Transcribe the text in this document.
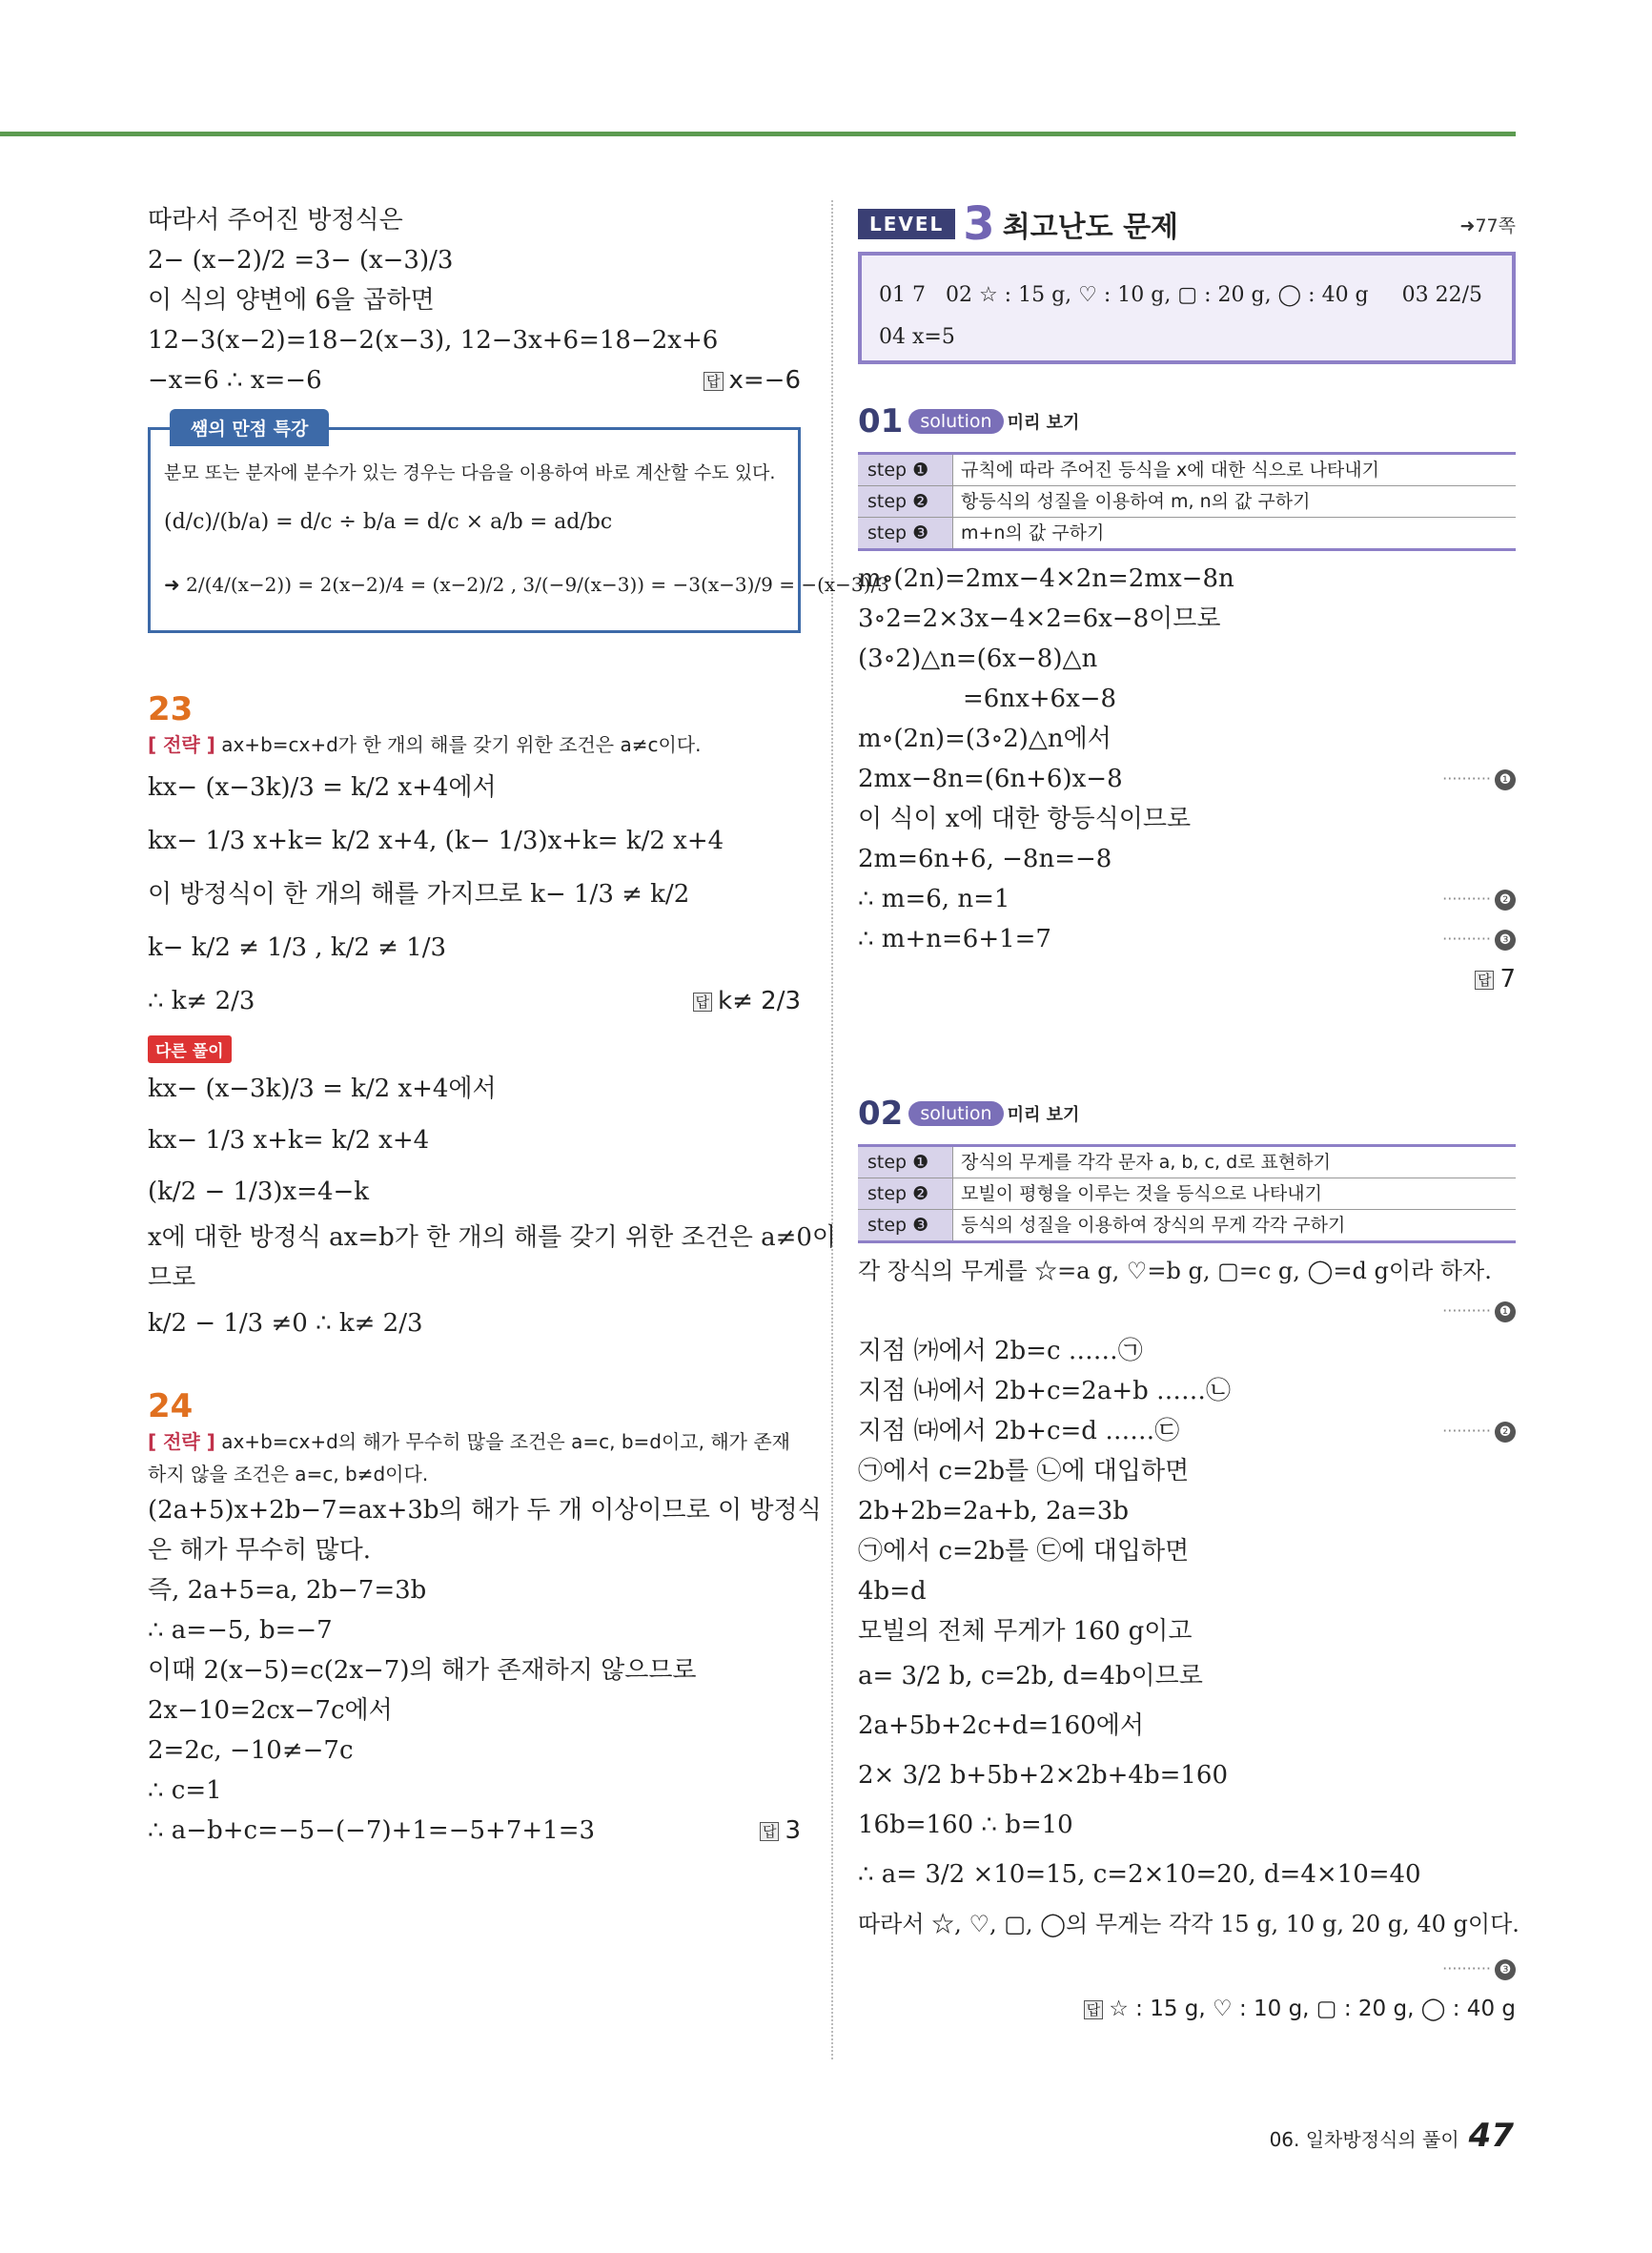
따라서 주어진 방정식은
2− (x−2)/2 =3− (x−3)/3
이 식의 양변에 6을 곱하면
12−3(x−2)=18−2(x−3), 12−3x+6=18−2x+6
−x=6 ∴ x=−6	답 x=−6
쌤의 만점 특강
분모 또는 분자에 분수가 있는 경우는 다음을 이용하여 바로 계산할 수도 있다.
(d/c)/(b/a) = d/c ÷ b/a = d/c × a/b = ad/bc
➜ 2/(4/(x−2)) = 2(x−2)/4 = (x−2)/2 , 3/(−9/(x−3)) = −3(x−3)/9 = −(x−3)/3
23
[ 전략 ] ax+b=cx+d가 한 개의 해를 갖기 위한 조건은 a≠c이다.
kx− (x−3k)/3 = k/2 x+4에서
kx− 1/3 x+k= k/2 x+4, (k− 1/3)x+k= k/2 x+4
이 방정식이 한 개의 해를 가지므로 k− 1/3 ≠ k/2
k− k/2 ≠ 1/3 , k/2 ≠ 1/3
∴ k≠ 2/3	답 k≠ 2/3
다른 풀이
kx− (x−3k)/3 = k/2 x+4에서
kx− 1/3 x+k= k/2 x+4
(k/2 − 1/3)x=4−k
x에 대한 방정식 ax=b가 한 개의 해를 갖기 위한 조건은 a≠0이
므로
k/2 − 1/3 ≠0 ∴ k≠ 2/3
24
[ 전략 ] ax+b=cx+d의 해가 무수히 많을 조건은 a=c, b=d이고, 해가 존재하지 않을 조건은 a=c, b≠d이다.
(2a+5)x+2b−7=ax+3b의 해가 두 개 이상이므로 이 방정식
은 해가 무수히 많다.
즉, 2a+5=a, 2b−7=3b
∴ a=−5, b=−7
이때 2(x−5)=c(2x−7)의 해가 존재하지 않으므로
2x−10=2cx−7c에서
2=2c, −10≠−7c
∴ c=1
∴ a−b+c=−5−(−7)+1=−5+7+1=3	답 3
LEVEL 3 최고난도 문제	➜77쪽
01 7 02 ☆ : 15 g, ♡ : 10 g, ▢ : 20 g, ◯ : 40 g 03 22/5
04 x=5
01 solution 미리 보기
step ❶	규칙에 따라 주어진 등식을 x에 대한 식으로 나타내기
step ❷	항등식의 성질을 이용하여 m, n의 값 구하기
step ❸	m+n의 값 구하기
m∘(2n)=2mx−4×2n=2mx−8n
3∘2=2×3x−4×2=6x−8이므로
(3∘2)△n=(6x−8)△n
=6nx+6x−8
m∘(2n)=(3∘2)△n에서
2mx−8n=(6n+6)x−8	·········· ❶
이 식이 x에 대한 항등식이므로
2m=6n+6, −8n=−8
∴ m=6, n=1	·········· ❷
∴ m+n=6+1=7	·········· ❸
답 7

02 solution 미리 보기
step ❶	장식의 무게를 각각 문자 a, b, c, d로 표현하기
step ❷	모빌이 평형을 이루는 것을 등식으로 나타내기
step ❸	등식의 성질을 이용하여 장식의 무게 각각 구하기
각 장식의 무게를 ☆=a g, ♡=b g, ▢=c g, ◯=d g이라 하자.

·········· ❶
지점 ㈎에서 2b=c ……㉠
지점 ㈏에서 2b+c=2a+b ……㉡
지점 ㈐에서 2b+c=d ……㉢	·········· ❷
㉠에서 c=2b를 ㉡에 대입하면
2b+2b=2a+b, 2a=3b
㉠에서 c=2b를 ㉢에 대입하면
4b=d
모빌의 전체 무게가 160 g이고
a= 3/2 b, c=2b, d=4b이므로
2a+5b+2c+d=160에서
2× 3/2 b+5b+2×2b+4b=160
16b=160 ∴ b=10
∴ a= 3/2 ×10=15, c=2×10=20, d=4×10=40
따라서 ☆, ♡, ▢, ◯의 무게는 각각 15 g, 10 g, 20 g, 40 g이다.

·········· ❸

답 ☆ : 15 g, ♡ : 10 g, ▢ : 20 g, ◯ : 40 g
06. 일차방정식의 풀이 47
